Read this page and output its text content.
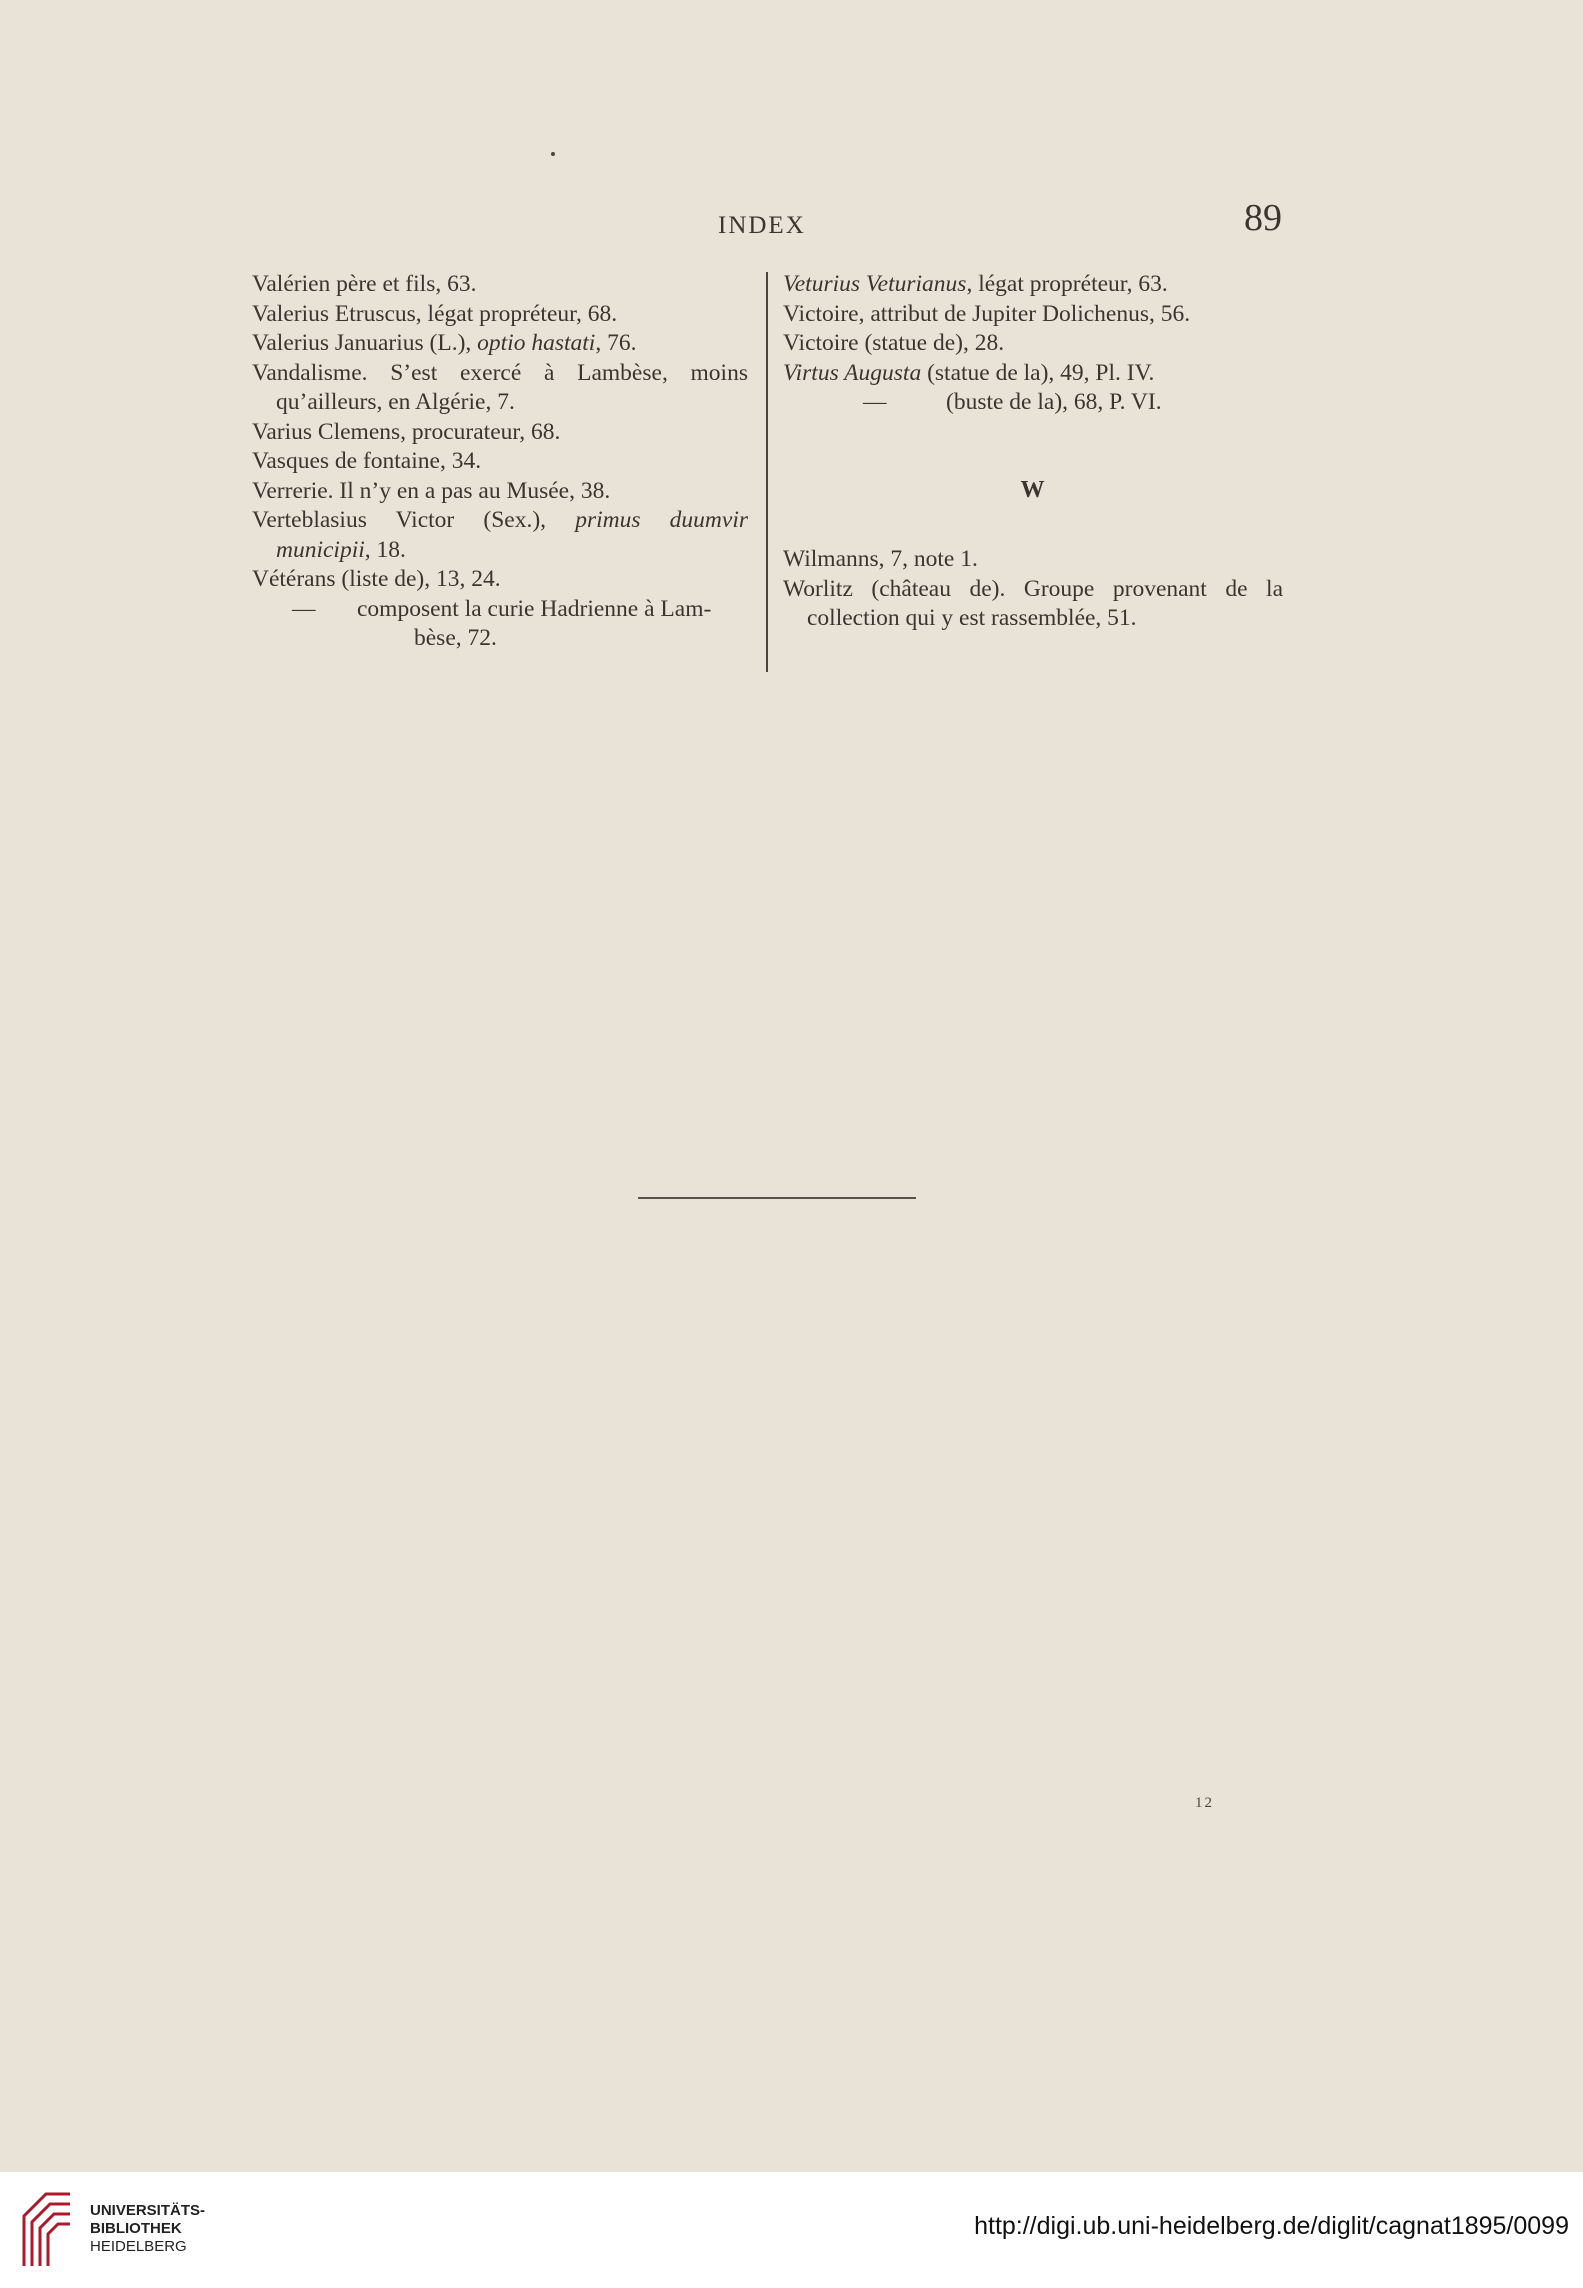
INDEX	89

Valérien père et fils, 63.

Valerius Etruscus, légat propréteur, 68.

Valerius Januarius (L.), optio hastati, 76.

Vandalisme. S’est exercé à Lambèse, moins qu’ailleurs, en Algérie, 7.

Varius Clemens, procurateur, 68.

Vasques de fontaine, 34.

Verrerie. Il n’y en a pas au Musée, 38.

Verteblasius Victor (Sex.), primus duumvir municipii, 18.

Vétérans (liste de), 13, 24.

—	composent la curie Hadrienne à Lam-
bèse, 72.

Veturius Veturianus, légat propréteur, 63.

Victoire, attribut de Jupiter Dolichenus, 56.

Victoire (statue de), 28.

Virtus Augusta (statue de la), 49, Pl. IV.

—	(buste de la), 68, P. VI.
W

Wilmanns, 7, note 1.

Worlitz (château de). Groupe provenant de la collection qui y est rassemblée, 51.

12
UNIVERSITÄTS-
BIBLIOTHEK
HEIDELBERG
http://digi.ub.uni-heidelberg.de/diglit/cagnat1895/0099
